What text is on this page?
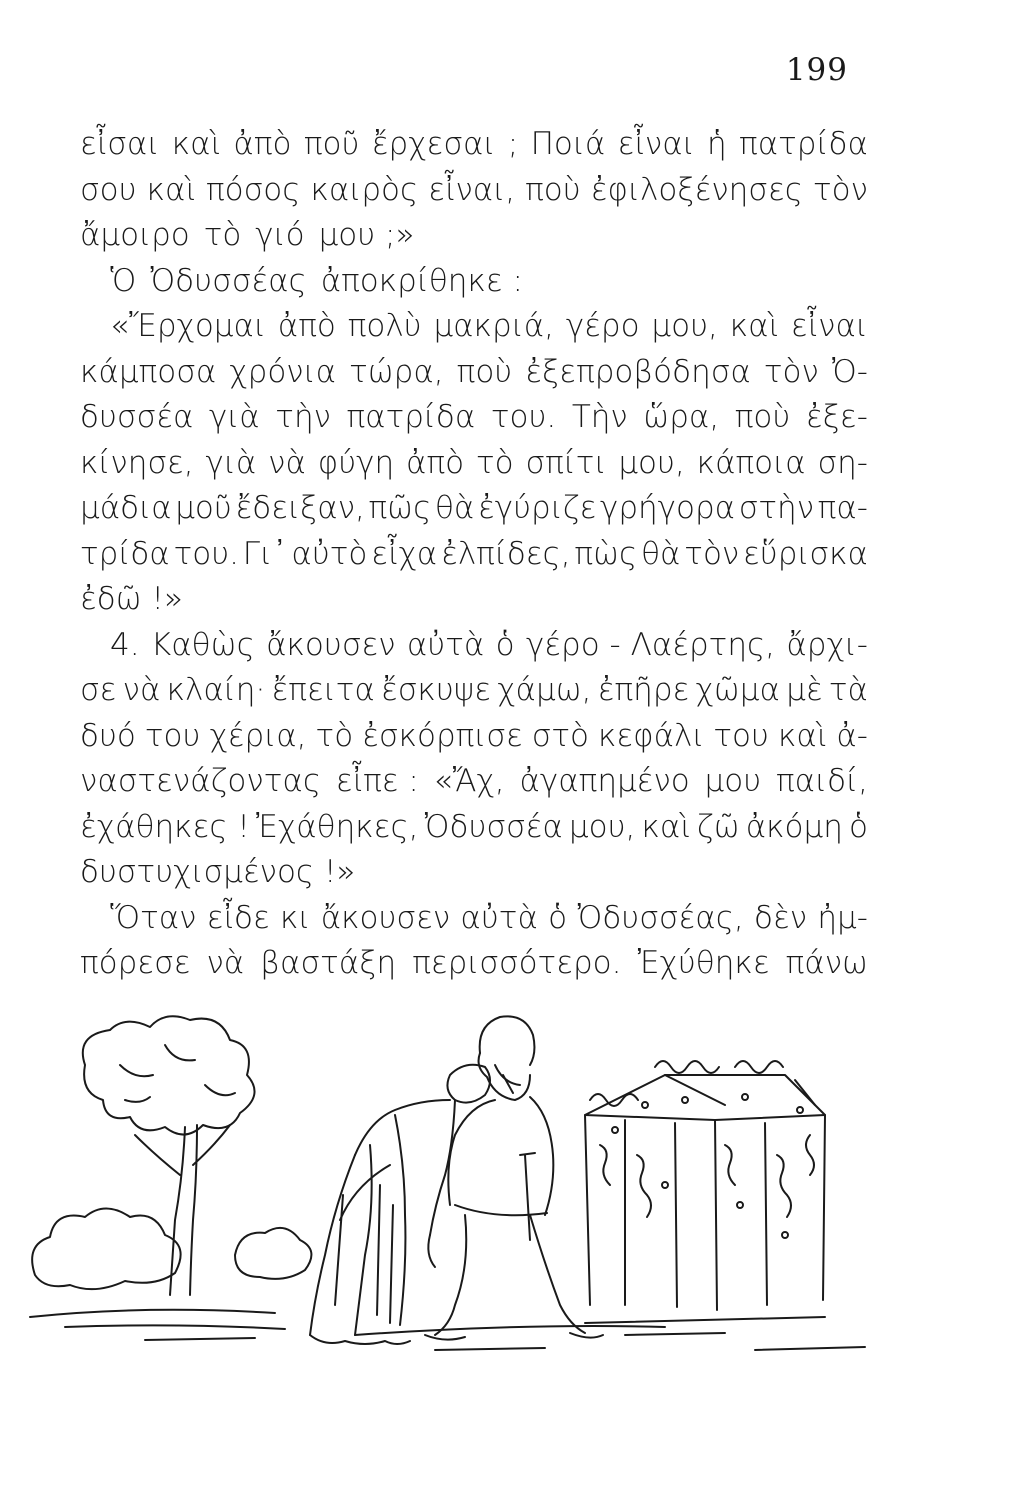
199
εἶσαι καὶ ἀπὸ ποῦ ἔρχεσαι ; Ποιά εἶναι ἡ πατρίδα
σου καὶ πόσος καιρὸς εἶναι, ποὺ ἐφιλοξένησες τὸν
ἄμοιρο τὸ γιό μου ;»
Ὁ Ὀδυσσέας ἀποκρίθηκε :
«Ἔρχομαι ἀπὸ πολὺ μακριά, γέρο μου, καὶ εἶναι
κάμποσα χρόνια τώρα, ποὺ ἐξεπροβόδησα τὸν Ὀ-
δυσσέα γιὰ τὴν πατρίδα του. Τὴν ὥρα, ποὺ ἐξε-
κίνησε, γιὰ νὰ φύγη ἀπὸ τὸ σπίτι μου, κάποια ση-
μάδια μοῦ ἔδειξαν, πῶς θὰ ἐγύριζε γρήγορα στὴν πα-
τρίδα του. Γι᾽ αὐτὸ εἶχα ἐλπίδες, πὼς θὰ τὸν εὕρισκα
ἐδῶ !»
4. Καθὼς ἄκουσεν αὐτὰ ὁ γέρο - Λαέρτης, ἄρχι-
σε νὰ κλαίη· ἔπειτα ἔσκυψε χάμω, ἐπῆρε χῶμα μὲ τὰ
δυό του χέρια, τὸ ἐσκόρπισε στὸ κεφάλι του καὶ ἀ-
ναστενάζοντας εἶπε : «Ἄχ, ἀγαπημένο μου παιδί,
ἐχάθηκες ! Ἐχάθηκες, Ὀδυσσέα μου, καὶ ζῶ ἀκόμη ὁ
δυστυχισμένος !»
Ὅταν εἶδε κι ἄκουσεν αὐτὰ ὁ Ὀδυσσέας, δὲν ἠμ-
πόρεσε νὰ βαστάξη περισσότερο. Ἐχύθηκε πάνω
